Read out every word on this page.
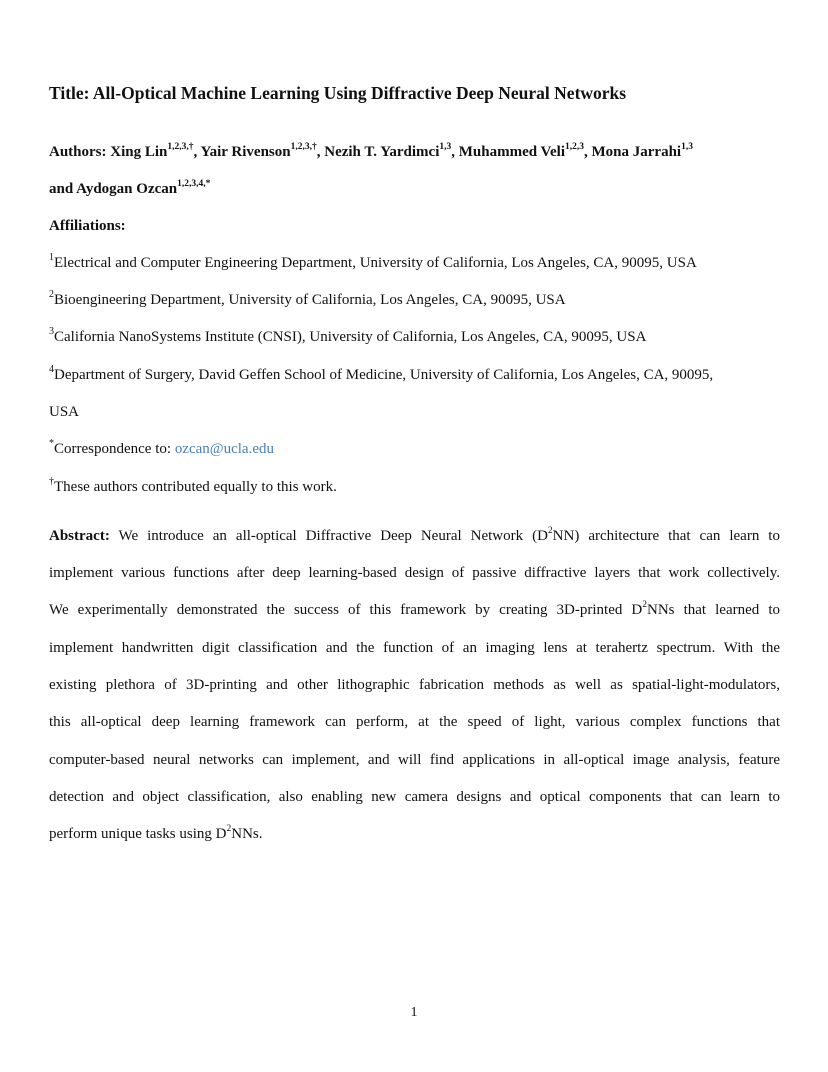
Title: All-Optical Machine Learning Using Diffractive Deep Neural Networks
Authors: Xing Lin$^{1,2,3,\dagger}$, Yair Rivenson$^{1,2,3,\dagger}$, Nezih T. Yardimci$^{1,3}$, Muhammed Veli$^{1,2,3}$, Mona Jarrahi$^{1,3}$
and Aydogan Ozcan$^{1,2,3,4,*}$
Affiliations:
$^1$Electrical and Computer Engineering Department, University of California, Los Angeles, CA, 90095, USA
$^2$Bioengineering Department, University of California, Los Angeles, CA, 90095, USA
$^3$California NanoSystems Institute (CNSI), University of California, Los Angeles, CA, 90095, USA
$^4$Department of Surgery, David Geffen School of Medicine, University of California, Los Angeles, CA, 90095,
USA
*Correspondence to: ozcan@ucla.edu
†These authors contributed equally to this work.
Abstract: We introduce an all-optical Diffractive Deep Neural Network $(D^2NN)$ architecture that can learn to
implement various functions after deep learning-based design of passive diffractive layers that work collectively.
We experimentally demonstrated the success of this framework by creating 3D-printed $D^2NNs$ that learned to
implement handwritten digit classification and the function of an imaging lens at terahertz spectrum. With the
existing plethora of 3D-printing and other lithographic fabrication methods as well as spatial-light-modulators,
this all-optical deep learning framework can perform, at the speed of light, various complex functions that
computer-based neural networks can implement, and will find applications in all-optical image analysis, feature
detection and object classification, also enabling new camera designs and optical components that can learn to
perform unique tasks using $D^2NNs$.
1
